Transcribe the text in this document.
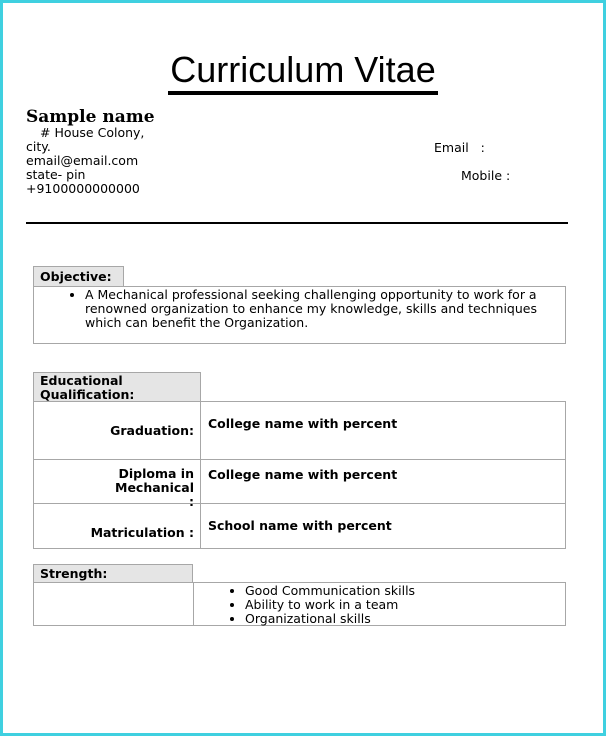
Curriculum Vitae
Sample name
# House Colony,
city.
email@email.com
state- pin
+9100000000000
Email   :
Mobile :
Objective:
• A Mechanical professional seeking challenging opportunity to work for a renowned organization to enhance my knowledge, skills and techniques which can benefit the Organization.
Educational Qualification:
Graduation:	College name with percent
Diploma in Mechanical :
College name with percent
Matriculation :	School name with percent
Strength:
• Good Communication skills
• Ability to work in a team
• Organizational skills
